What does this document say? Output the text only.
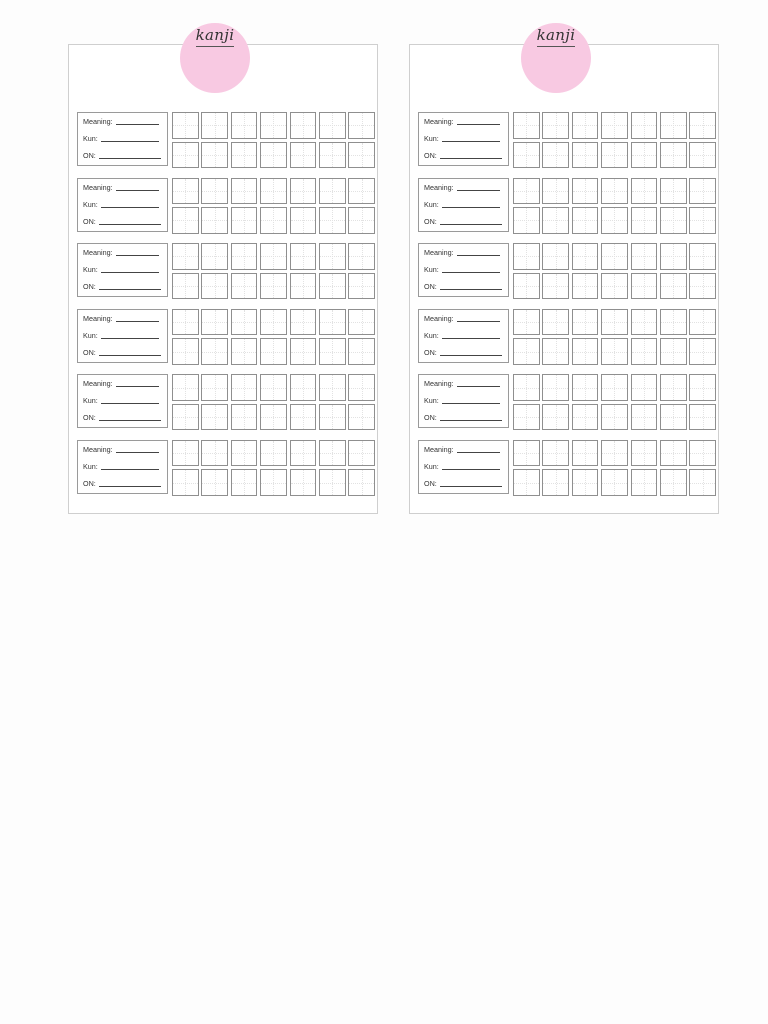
kanji
Meaning:
Kun:
ON:
Meaning:
Kun:
ON:
Meaning:
Kun:
ON:
Meaning:
Kun:
ON:
Meaning:
Kun:
ON:
Meaning:
Kun:
ON:
kanji
Meaning:
Kun:
ON:
Meaning:
Kun:
ON:
Meaning:
Kun:
ON:
Meaning:
Kun:
ON:
Meaning:
Kun:
ON:
Meaning:
Kun:
ON:
